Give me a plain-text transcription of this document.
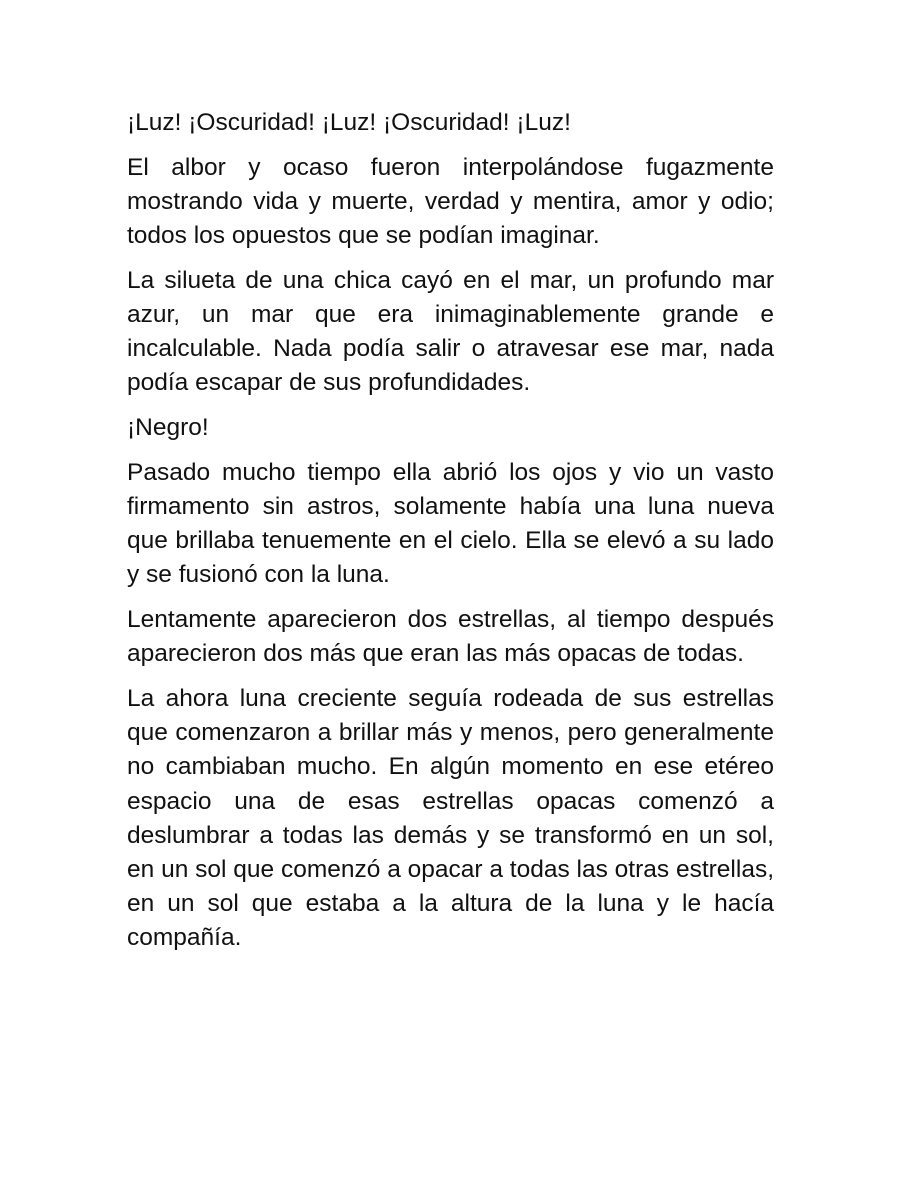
¡Luz! ¡Oscuridad! ¡Luz! ¡Oscuridad! ¡Luz!

El albor y ocaso fueron interpolándose fugazmente mostrando vida y muerte, verdad y mentira, amor y odio; todos los opuestos que se podían imaginar.

La silueta de una chica cayó en el mar, un profundo mar azur, un mar que era inimaginablemente grande e incalculable. Nada podía salir o atravesar ese mar, nada podía escapar de sus profundidades.

¡Negro!

Pasado mucho tiempo ella abrió los ojos y vio un vasto firmamento sin astros, solamente había una luna nueva que brillaba tenuemente en el cielo. Ella se elevó a su lado y se fusionó con la luna.

Lentamente aparecieron dos estrellas, al tiempo después aparecieron dos más que eran las más opacas de todas.

La ahora luna creciente seguía rodeada de sus estrellas que comenzaron a brillar más y menos, pero generalmente no cambiaban mucho. En algún momento en ese etéreo espacio una de esas estrellas opacas comenzó a deslumbrar a todas las demás y se transformó en un sol, en un sol que comenzó a opacar a todas las otras estrellas, en un sol que estaba a la altura de la luna y le hacía compañía.
